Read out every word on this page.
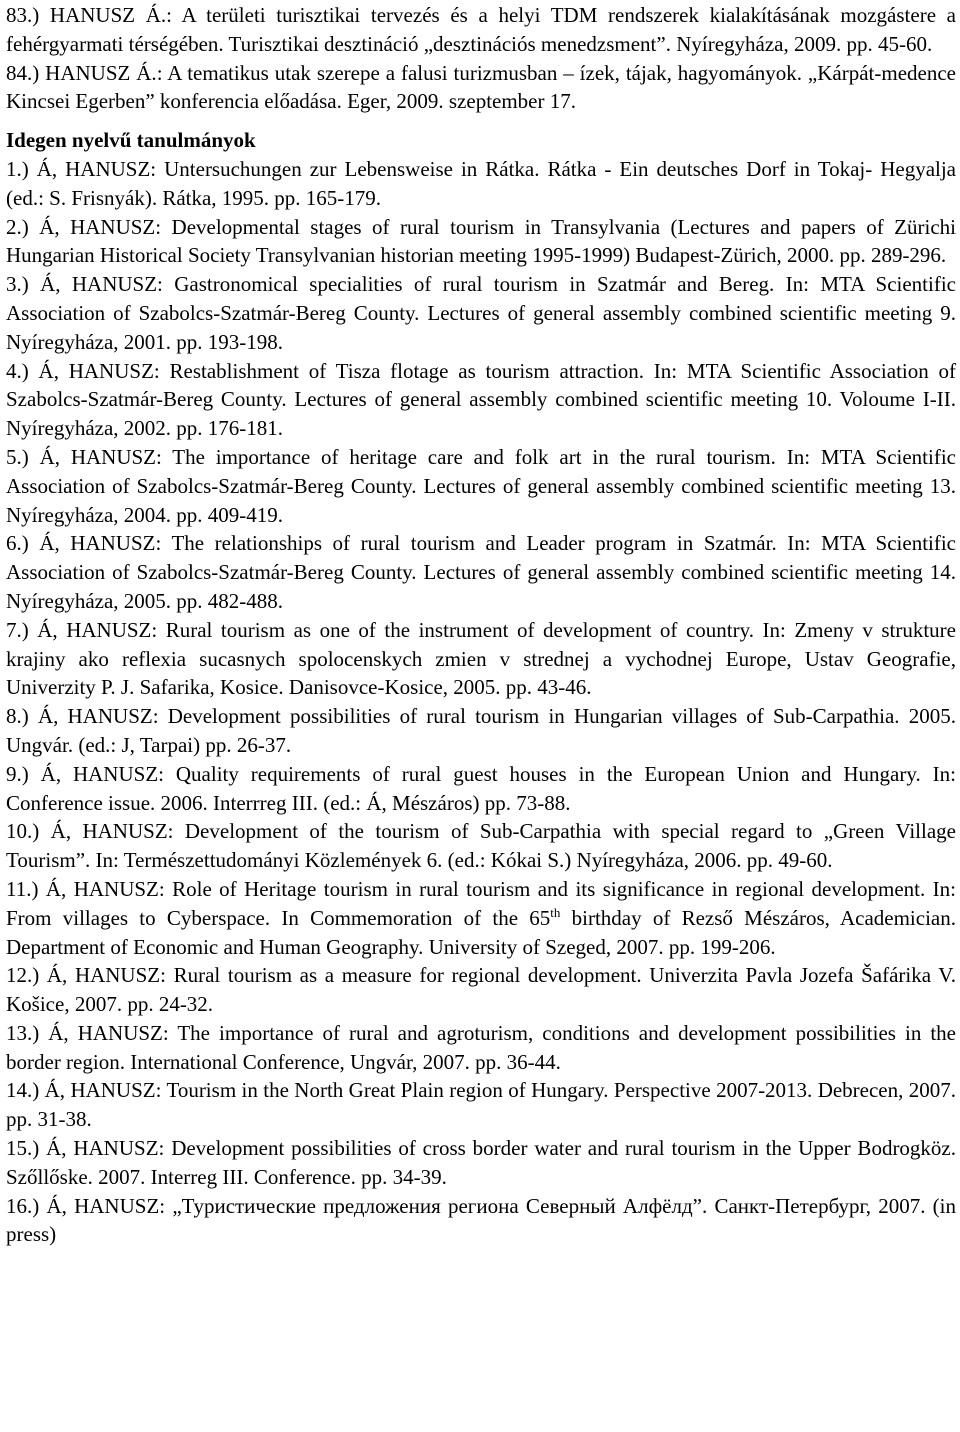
83.) HANUSZ Á.: A területi turisztikai tervezés és a helyi TDM rendszerek kialakításának mozgástere a fehérgyarmati térségében. Turisztikai desztináció „desztinációs menedzsment”. Nyíregyháza, 2009. pp. 45-60.

84.) HANUSZ Á.: A tematikus utak szerepe a falusi turizmusban – ízek, tájak, hagyományok. „Kárpát-medence Kincsei Egerben” konferencia előadása. Eger, 2009. szeptember 17.

Idegen nyelvű tanulmányok

1.) Á, HANUSZ: Untersuchungen zur Lebensweise in Rátka. Rátka - Ein deutsches Dorf in Tokaj- Hegyalja (ed.: S. Frisnyák). Rátka, 1995. pp. 165-179.

2.) Á, HANUSZ: Developmental stages of rural tourism in Transylvania (Lectures and papers of Zürichi Hungarian Historical Society Transylvanian historian meeting 1995-1999) Budapest-Zürich, 2000. pp. 289-296.

3.) Á, HANUSZ: Gastronomical specialities of rural tourism in Szatmár and Bereg. In: MTA Scientific Association of Szabolcs-Szatmár-Bereg County. Lectures of general assembly combined scientific meeting 9. Nyíregyháza, 2001. pp. 193-198.

4.) Á, HANUSZ: Restablishment of Tisza flotage as tourism attraction. In: MTA Scientific Association of Szabolcs-Szatmár-Bereg County. Lectures of general assembly combined scientific meeting 10. Voloume I-II. Nyíregyháza, 2002. pp. 176-181.

5.) Á, HANUSZ: The importance of heritage care and folk art in the rural tourism. In: MTA Scientific Association of Szabolcs-Szatmár-Bereg County. Lectures of general assembly combined scientific meeting 13. Nyíregyháza, 2004. pp. 409-419.

6.) Á, HANUSZ: The relationships of rural tourism and Leader program in Szatmár. In: MTA Scientific Association of Szabolcs-Szatmár-Bereg County. Lectures of general assembly combined scientific meeting 14. Nyíregyháza, 2005. pp. 482-488.

7.) Á, HANUSZ: Rural tourism as one of the instrument of development of country. In: Zmeny v strukture krajiny ako reflexia sucasnych spolocenskych zmien v strednej a vychodnej Europe, Ustav Geografie, Univerzity P. J. Safarika, Kosice. Danisovce-Kosice, 2005. pp. 43-46.

8.) Á, HANUSZ: Development possibilities of rural tourism in Hungarian villages of Sub-Carpathia. 2005. Ungvár. (ed.: J, Tarpai) pp. 26-37.

9.) Á, HANUSZ: Quality requirements of rural guest houses in the European Union and Hungary. In: Conference issue. 2006. Interrreg III. (ed.: Á, Mészáros) pp. 73-88.

10.) Á, HANUSZ: Development of the tourism of Sub-Carpathia with special regard to „Green Village Tourism”. In: Természettudományi Közlemények 6. (ed.: Kókai S.) Nyíregyháza, 2006. pp. 49-60.

11.) Á, HANUSZ: Role of Heritage tourism in rural tourism and its significance in regional development. In: From villages to Cyberspace. In Commemoration of the 65th birthday of Rezső Mészáros, Academician. Department of Economic and Human Geography. University of Szeged, 2007. pp. 199-206.

12.) Á, HANUSZ: Rural tourism as a measure for regional development. Univerzita Pavla Jozefa Šafárika V. Košice, 2007. pp. 24-32.

13.) Á, HANUSZ: The importance of rural and agroturism, conditions and development possibilities in the border region. International Conference, Ungvár, 2007. pp. 36-44.

14.) Á, HANUSZ: Tourism in the North Great Plain region of Hungary. Perspective 2007-2013. Debrecen, 2007. pp. 31-38.

15.) Á, HANUSZ: Development possibilities of cross border water and rural tourism in the Upper Bodrogköz. Szőllőske. 2007. Interreg III. Conference. pp. 34-39.

16.) Á, HANUSZ: „Туристические предложения региона Северный Алфёлд”. Санкт-Петербург, 2007. (in press)
